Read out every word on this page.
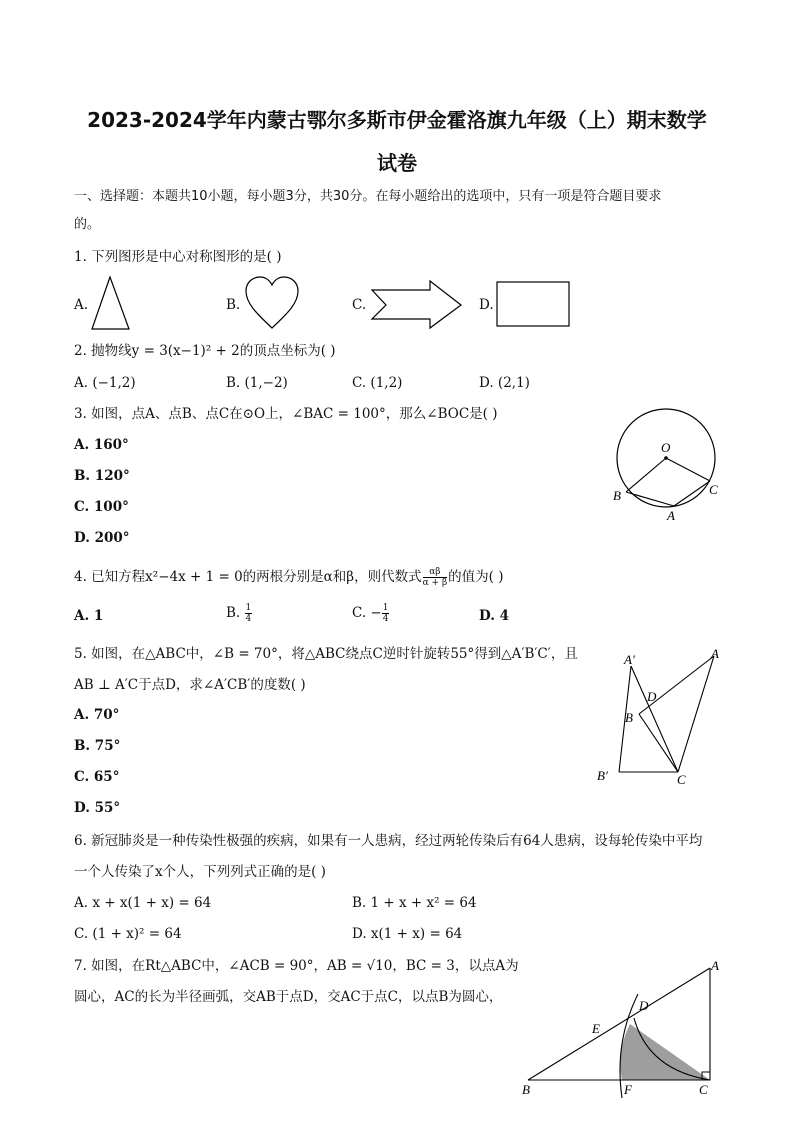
2023-2024学年内蒙古鄂尔多斯市伊金霍洛旗九年级（上）期末数学
试卷
一、选择题：本题共10小题，每小题3分，共30分。在每小题给出的选项中，只有一项是符合题目要求
的。
1. 下列图形是中心对称图形的是( )
A.	B.	C.	D.
2. 抛物线y = 3(x−1)² + 2的顶点坐标为( )
A. (−1,2)	B. (1,−2)	C. (1,2)	D. (2,1)
3. 如图，点A、点B、点C在⊙O上，∠BAC = 100°，那么∠BOC是( )
A. 160°
B. 120°
C. 100°
D. 200°
O
B	C
A
4. 已知方程x²−4x + 1 = 0的两根分别是α和β，则代数式 $\frac{\alpha\beta}{\alpha + \beta}$ 的值为( )
A. 1	B. $\frac{1}{4}$	C. − $\frac{1}{4}$	D. 4
5. 如图，在△ABC中，∠B = 70°，将△ABC绕点C逆时针旋转55°得到△A′B′C′，且
AB ⊥ A′C于点D，求∠A′CB′的度数( )
A. 70°
B. 75°
C. 65°
D. 55°
A′	A
D
B
B′	C
6. 新冠肺炎是一种传染性极强的疾病，如果有一人患病，经过两轮传染后有64人患病，设每轮传染中平均
一个人传染了x个人，下列列式正确的是( )
A. x + x(1 + x) = 64	B. 1 + x + x² = 64
C. (1 + x)² = 64	D. x(1 + x) = 64
7. 如图，在Rt△ABC中，∠ACB = 90°，AB = √10，BC = 3，以点A为
圆心，AC的长为半径画弧，交AB于点D，交AC于点C，以点B为圆心，
A
D
E
B	F	C
